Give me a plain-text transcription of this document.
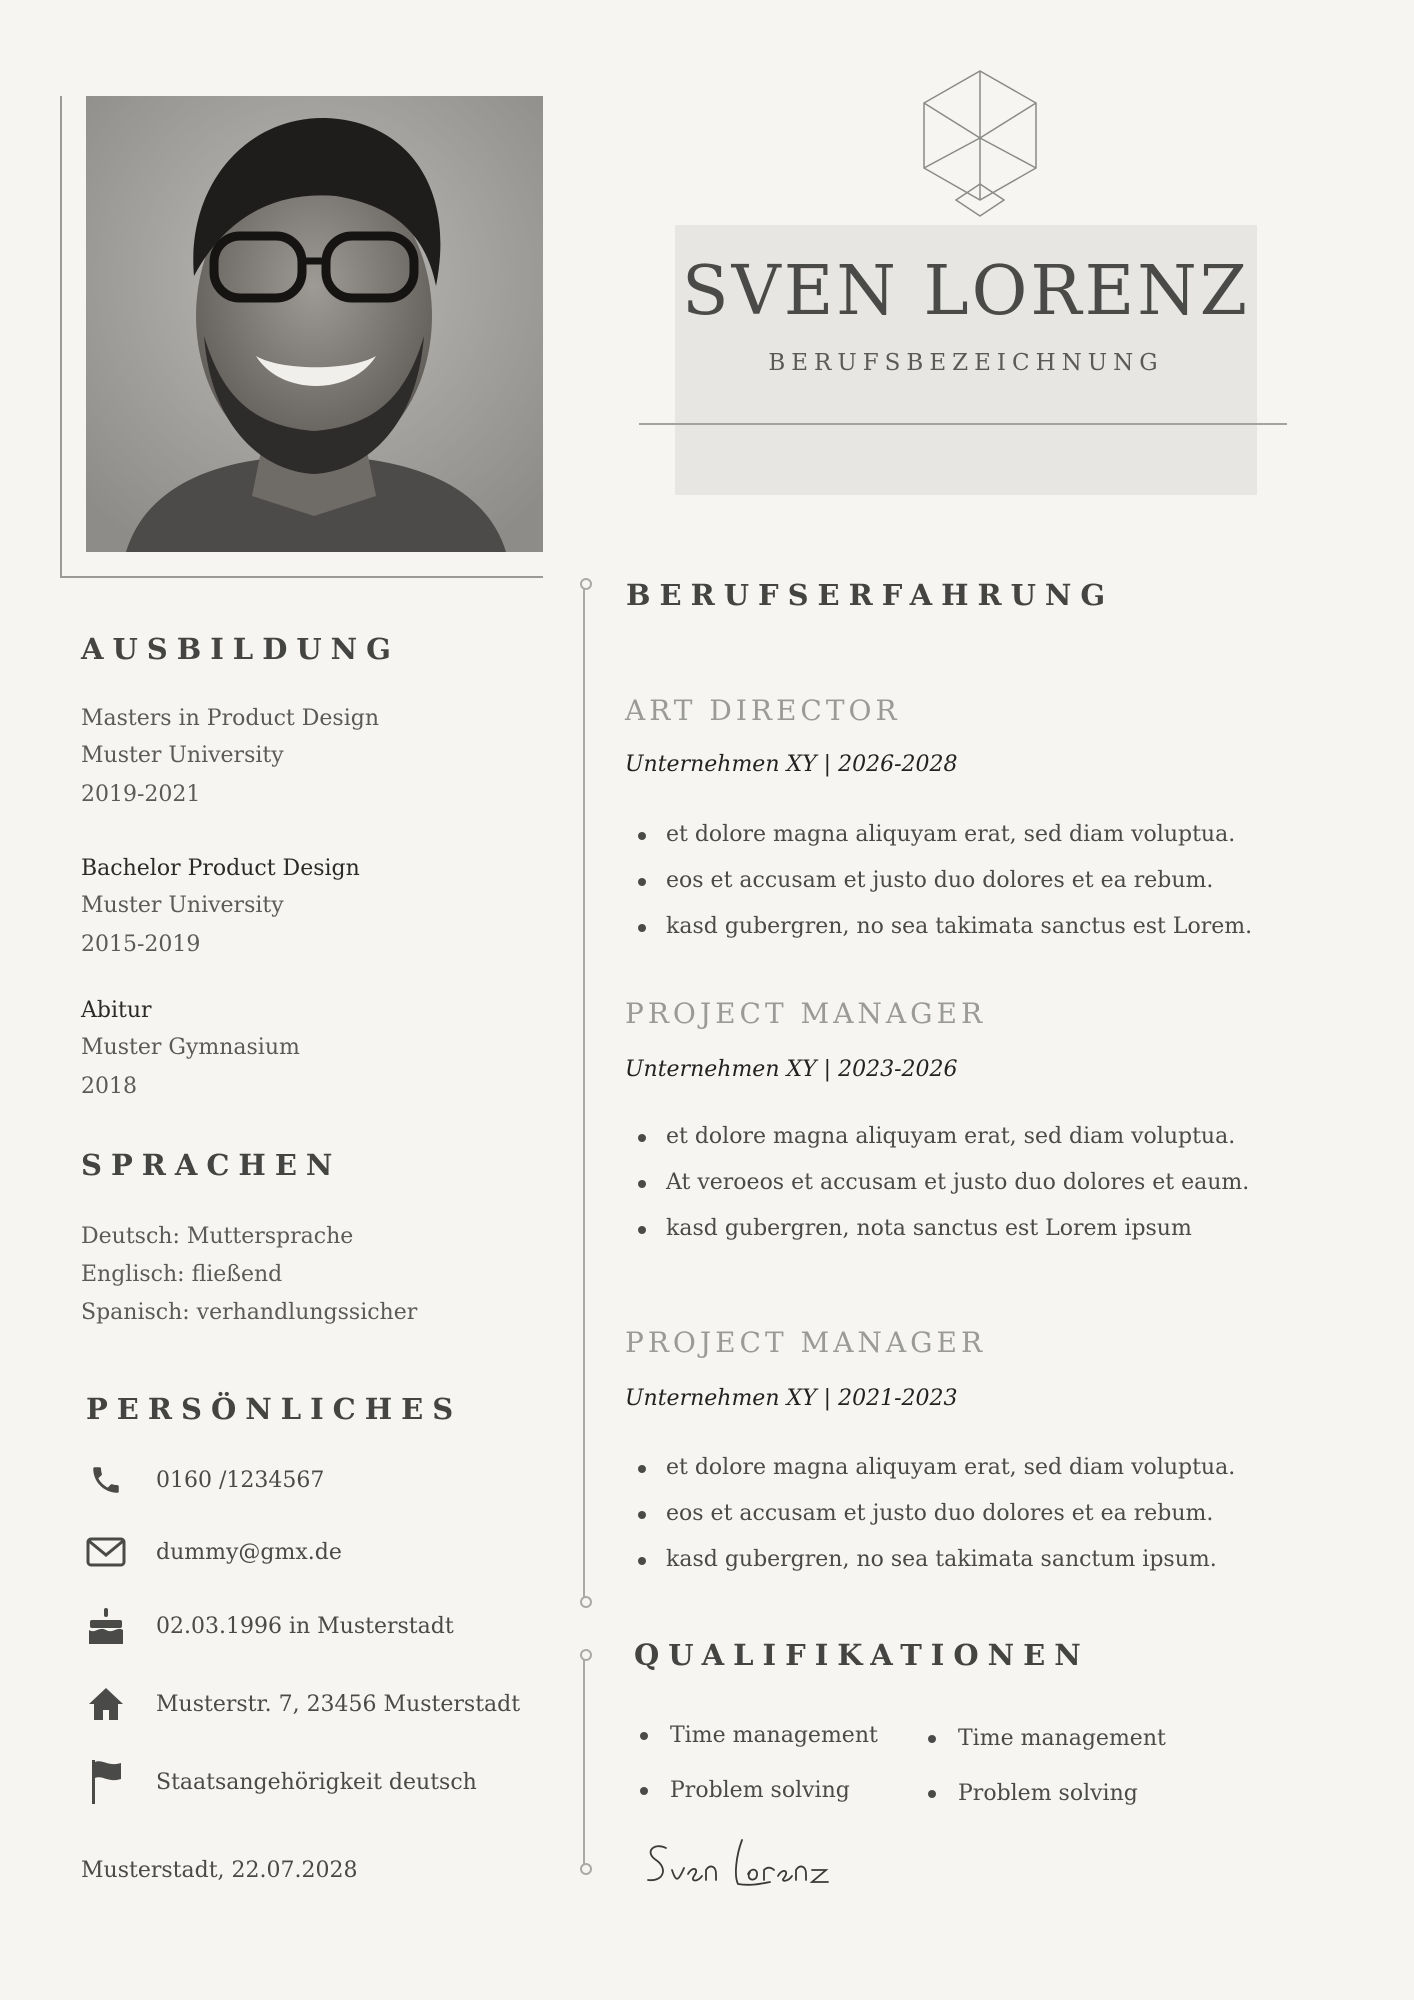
SVEN LORENZ
BERUFSBEZEICHNUNG
AUSBILDUNG
Masters in Product Design
Muster University
2019-2021
Bachelor Product Design
Muster University
2015-2019
Abitur
Muster Gymnasium
2018
SPRACHEN
Deutsch: Muttersprache
Englisch: fließend
Spanisch: verhandlungssicher
PERSÖNLICHES
0160 /1234567
dummy@gmx.de
02.03.1996 in Musterstadt
Musterstr. 7, 23456 Musterstadt
Staatsangehörigkeit deutsch
Musterstadt, 22.07.2028
BERUFSERFAHRUNG
ART DIRECTOR
Unternehmen XY | 2026-2028
et dolore magna aliquyam erat, sed diam voluptua.
eos et accusam et justo duo dolores et ea rebum.
kasd gubergren, no sea takimata sanctus est Lorem.
PROJECT MANAGER
Unternehmen XY | 2023-2026
et dolore magna aliquyam erat, sed diam voluptua.
At veroeos et accusam et justo duo dolores et eaum.
kasd gubergren, nota sanctus est Lorem ipsum
PROJECT MANAGER
Unternehmen XY | 2021-2023
et dolore magna aliquyam erat, sed diam voluptua.
eos et accusam et justo duo dolores et ea rebum.
kasd gubergren, no sea takimata sanctum ipsum.
QUALIFIKATIONEN
Time management
Problem solving
Time management
Problem solving
